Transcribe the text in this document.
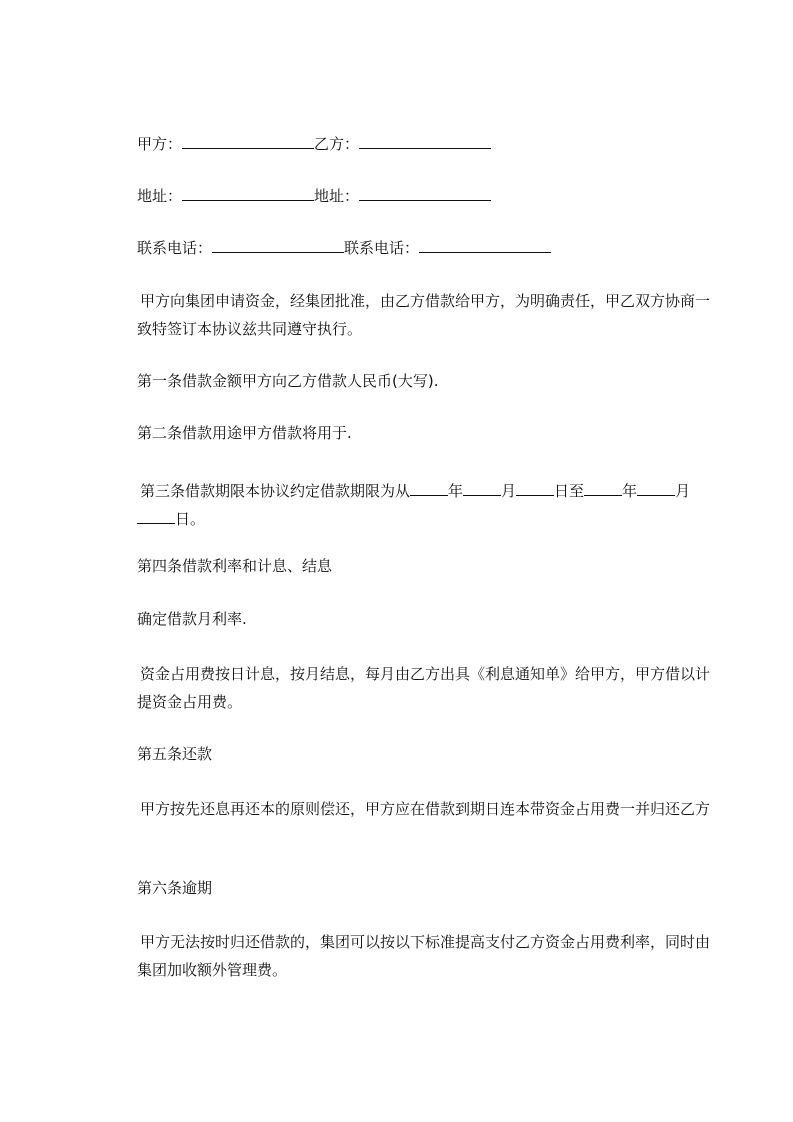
甲方：	乙方：
地址：	地址：
联系电话：	联系电话：
甲方向集团申请资金，经集团批准，由乙方借款给甲方，为明确责任，甲乙双方协商一致特签订本协议兹共同遵守执行。
第一条借款金额甲方向乙方借款人民币(大写).
第二条借款用途甲方借款将用于.
第三条借款期限本协议约定借款期限为从	年	月	日至	年	月日。
第四条借款利率和计息、结息
确定借款月利率.
资金占用费按日计息，按月结息，每月由乙方出具《利息通知单》给甲方，甲方借以计提资金占用费。
第五条还款
甲方按先还息再还本的原则偿还，甲方应在借款到期日连本带资金占用费一并归还乙方
第六条逾期
甲方无法按时归还借款的，集团可以按以下标准提高支付乙方资金占用费利率，同时由集团加收额外管理费。
